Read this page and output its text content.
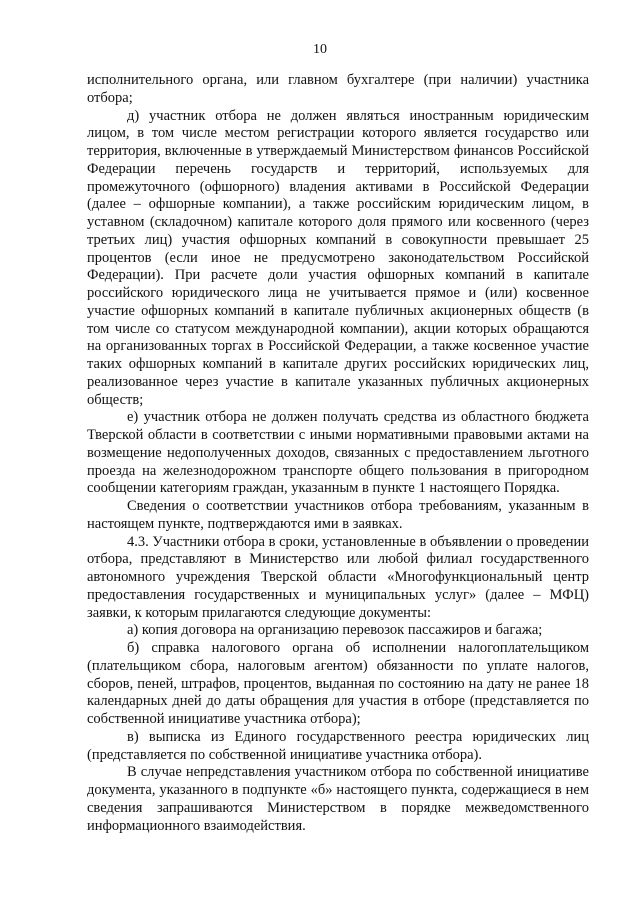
10

исполнительного органа, или главном бухгалтере (при наличии) участника отбора;

д) участник отбора не должен являться иностранным юридическим лицом, в том числе местом регистрации которого является государство или территория, включенные в утверждаемый Министерством финансов Российской Федерации перечень государств и территорий, используемых для промежуточного (офшорного) владения активами в Российской Федерации (далее – офшорные компании), а также российским юридическим лицом, в уставном (складочном) капитале которого доля прямого или косвенного (через третьих лиц) участия офшорных компаний в совокупности превышает 25 процентов (если иное не предусмотрено законодательством Российской Федерации). При расчете доли участия офшорных компаний в капитале российского юридического лица не учитывается прямое и (или) косвенное участие офшорных компаний в капитале публичных акционерных обществ (в том числе со статусом международной компании), акции которых обращаются на организованных торгах в Российской Федерации, а также косвенное участие таких офшорных компаний в капитале других российских юридических лиц, реализованное через участие в капитале указанных публичных акционерных обществ;

е) участник отбора не должен получать средства из областного бюджета Тверской области в соответствии с иными нормативными правовыми актами на возмещение недополученных доходов, связанных с предоставлением льготного проезда на железнодорожном транспорте общего пользования в пригородном сообщении категориям граждан, указанным в пункте 1 настоящего Порядка.

Сведения о соответствии участников отбора требованиям, указанным в настоящем пункте, подтверждаются ими в заявках.

4.3. Участники отбора в сроки, установленные в объявлении о проведении отбора, представляют в Министерство или любой филиал государственного автономного учреждения Тверской области «Многофункциональный центр предоставления государственных и муниципальных услуг» (далее – МФЦ) заявки, к которым прилагаются следующие документы:

а) копия договора на организацию перевозок пассажиров и багажа;

б) справка налогового органа об исполнении налогоплательщиком (плательщиком сбора, налоговым агентом) обязанности по уплате налогов, сборов, пеней, штрафов, процентов, выданная по состоянию на дату не ранее 18 календарных дней до даты обращения для участия в отборе (представляется по собственной инициативе участника отбора);

в) выписка из Единого государственного реестра юридических лиц (представляется по собственной инициативе участника отбора).

В случае непредставления участником отбора по собственной инициативе документа, указанного в подпункте «б» настоящего пункта, содержащиеся в нем сведения запрашиваются Министерством в порядке межведомственного информационного взаимодействия.
